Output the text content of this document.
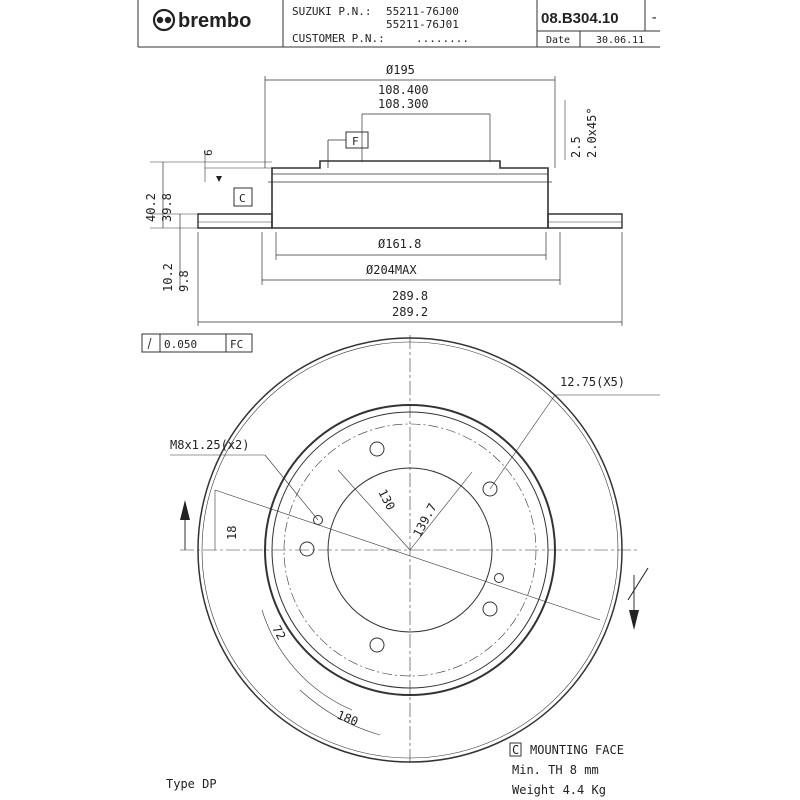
brembo	SUZUKI P.N.: 55211-76J00
55211-76J01
CUSTOMER P.N.:	........
08.B304.10 -
Date	30.06.11
Ø195
108.400
108.300
F
C
2.5 2.0x45°
6
40.2 39.8
Ø161.8
10.2 9.8
Ø204MAX
289.8
289.2
0.050	FC
12.75(X5)
M8x1.25(x2)
130
139.7
18
72
180
C MOUNTING FACE
Min. TH 8 mm
Weight 4.4 Kg
Type DP
